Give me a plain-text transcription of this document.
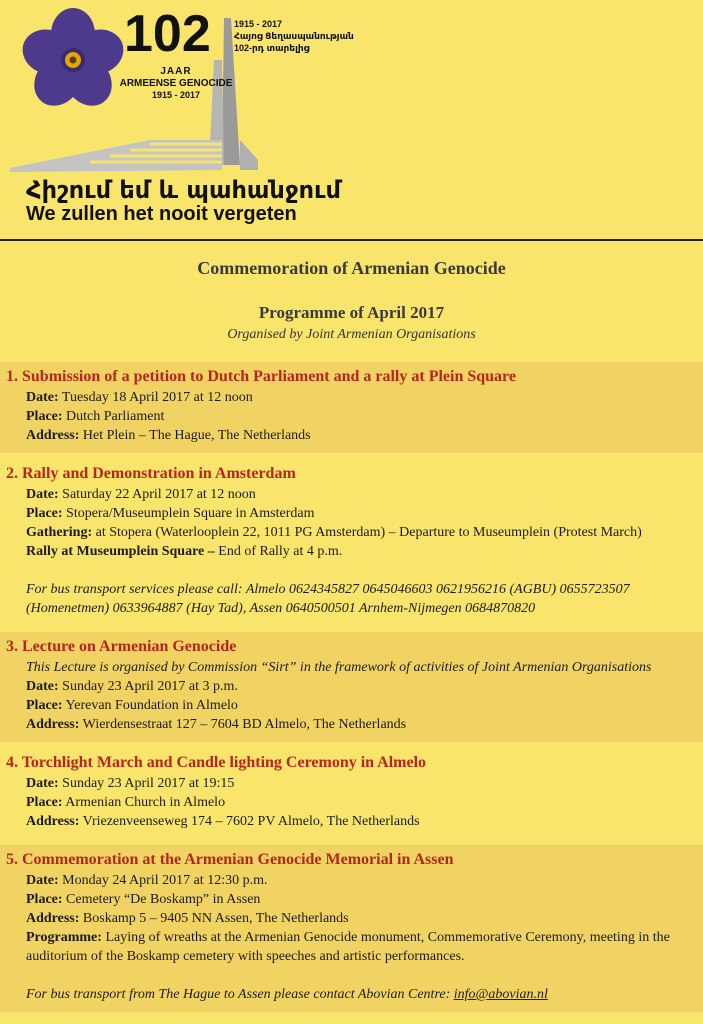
102
JAAR
ARMEENSE GENOCIDE
1915 - 2017
1915 - 2017
Հայոց Ցեղասպանության
102-րդ տարելից
Հիշում եմ և պահանջում
We zullen het nooit vergeten
Commemoration of Armenian Genocide
Programme of April 2017
Organised by Joint Armenian Organisations
1. Submission of a petition to Dutch Parliament and a rally at Plein Square
Date: Tuesday 18 April 2017 at 12 noon
Place: Dutch Parliament
Address: Het Plein – The Hague, The Netherlands
2. Rally and Demonstration in Amsterdam
Date: Saturday 22 April 2017 at 12 noon
Place: Stopera/Museumplein Square in Amsterdam
Gathering: at Stopera (Waterlooplein 22, 1011 PG Amsterdam) – Departure to Museumplein (Protest March)
Rally at Museumplein Square – End of Rally at 4 p.m.
For bus transport services please call: Almelo 0624345827 0645046603 0621956216 (AGBU) 0655723507 (Homenetmen) 0633964887 (Hay Tad), Assen 0640500501 Arnhem-Nijmegen 0684870820
3. Lecture on Armenian Genocide
This Lecture is organised by Commission “Sirt” in the framework of activities of Joint Armenian Organisations
Date: Sunday 23 April 2017 at 3 p.m.
Place: Yerevan Foundation in Almelo
Address: Wierdensestraat 127 – 7604 BD Almelo, The Netherlands
4. Torchlight March and Candle lighting Ceremony in Almelo
Date: Sunday 23 April 2017 at 19:15
Place: Armenian Church in Almelo
Address: Vriezenveenseweg 174 – 7602 PV Almelo, The Netherlands
5. Commemoration at the Armenian Genocide Memorial in Assen
Date: Monday 24 April 2017 at 12:30 p.m.
Place: Cemetery “De Boskamp” in Assen
Address: Boskamp 5 – 9405 NN Assen, The Netherlands
Programme: Laying of wreaths at the Armenian Genocide monument, Commemorative Ceremony, meeting in the auditorium of the Boskamp cemetery with speeches and artistic performances.
For bus transport from The Hague to Assen please contact Abovian Centre: info@abovian.nl
